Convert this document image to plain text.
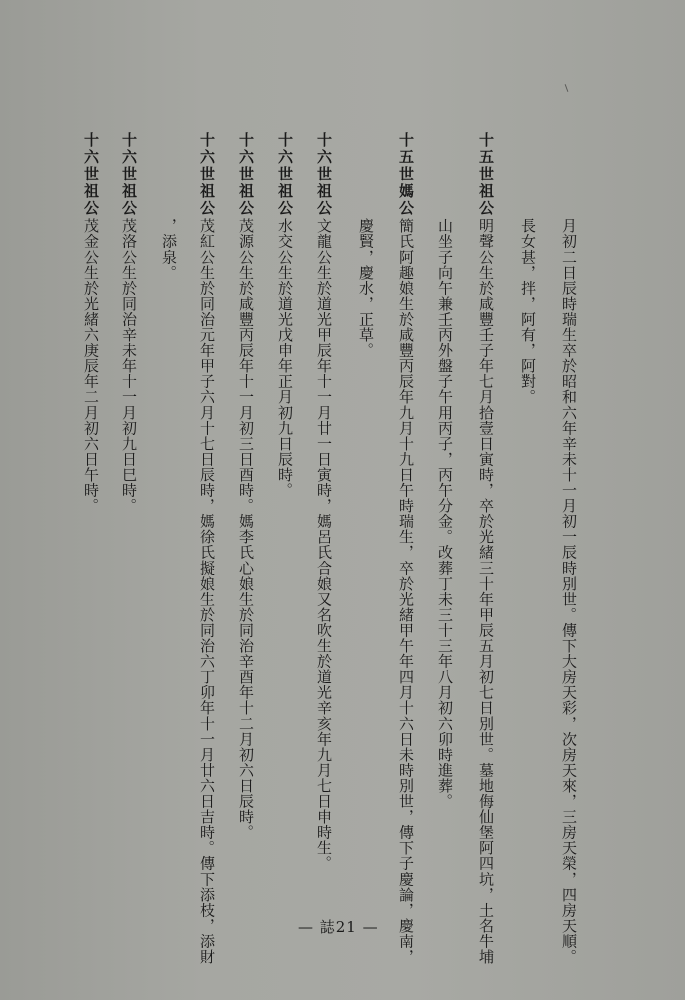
月初二日辰時瑞生卒於昭和六年辛未十一月初一辰時別世。傳下大房天彩，次房天來，三房天榮，四房天順。
長女甚，拌，阿有，阿對。
十五世祖公
明聲公生於咸豐壬子年七月拾壹日寅時，卒於光緒三十年甲辰五月初七日別世。墓地侮仙堡阿四坑，土名牛埔
山坐子向午兼壬丙外盤子午用丙子，丙午分金。改葬丁未三十三年八月初六卯時進葬。
十五世媽公
簡氏阿趣娘生於咸豐丙辰年九月十九日午時瑞生，卒於光緒甲午年四月十六日未時別世，傳下子慶論，慶南，
慶賢，慶水，正草。
十六世祖公
文龍公生於道光甲辰年十一月廿一日寅時，媽呂氏合娘又名吹生於道光辛亥年九月七日申時生。
十六世祖公
水交公生於道光戊申年正月初九日辰時。
十六世祖公
茂源公生於咸豐丙辰年十一月初三日酉時。媽李氏心娘生於同治辛酉年十二月初六日辰時。
十六世祖公
茂紅公生於同治元年甲子六月十七日辰時，媽徐氏擬娘生於同治六丁卯年十一月廿六日吉時。傳下添枝，添財
，添泉。
十六世祖公
茂洛公生於同治辛未年十一月初九日巳時。
十六世祖公
茂金公生於光緒六庚辰年二月初六日午時。
— 誌21 —
